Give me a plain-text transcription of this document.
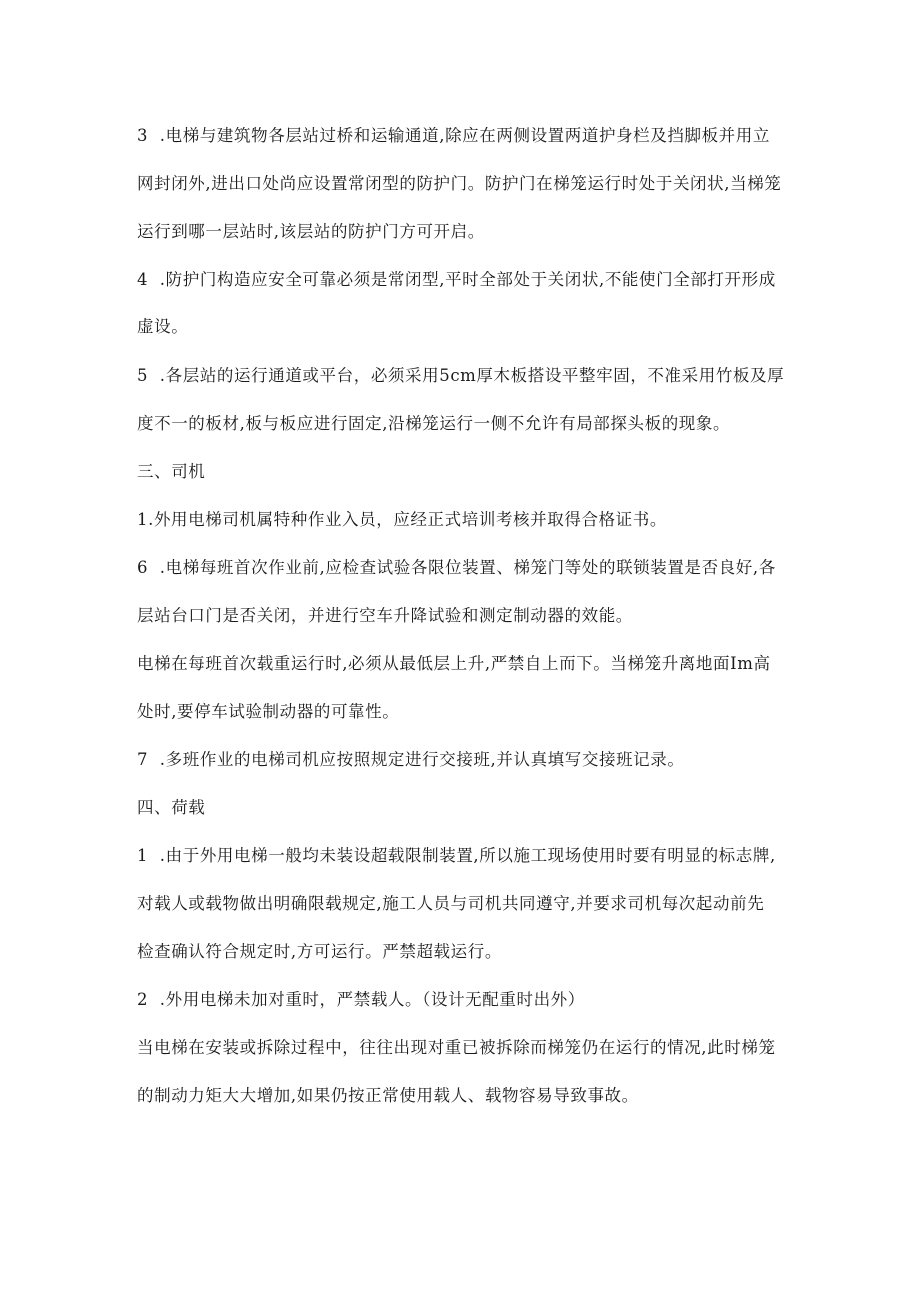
3  .电梯与建筑物各层站过桥和运输通道,除应在两侧设置两道护身栏及挡脚板并用立

网封闭外,进出口处尚应设置常闭型的防护门。防护门在梯笼运行时处于关闭状,当梯笼

运行到哪一层站时,该层站的防护门方可开启。

4  .防护门构造应安全可靠必须是常闭型,平时全部处于关闭状,不能使门全部打开形成

虚设。

5  .各层站的运行通道或平台，必须采用5cm厚木板搭设平整牢固，不准采用竹板及厚

度不一的板材,板与板应进行固定,沿梯笼运行一侧不允许有局部探头板的现象。

三、司机

1.外用电梯司机属特种作业入员，应经正式培训考核并取得合格证书。

6  .电梯每班首次作业前,应检查试验各限位装置、梯笼门等处的联锁装置是否良好,各

层站台口门是否关闭，并进行空车升降试验和测定制动器的效能。

电梯在每班首次载重运行时,必须从最低层上升,严禁自上而下。当梯笼升离地面Im高

处时,要停车试验制动器的可靠性。

7  .多班作业的电梯司机应按照规定进行交接班,并认真填写交接班记录。

四、荷载

1  .由于外用电梯一般均未装设超载限制装置,所以施工现场使用时要有明显的标志牌,

对载人或载物做出明确限载规定,施工人员与司机共同遵守,并要求司机每次起动前先

检查确认符合规定时,方可运行。严禁超载运行。

2  .外用电梯未加对重时，严禁载人。（设计无配重时出外）

当电梯在安装或拆除过程中，往往出现对重已被拆除而梯笼仍在运行的情况,此时梯笼

的制动力矩大大增加,如果仍按正常使用载人、载物容易导致事故。
